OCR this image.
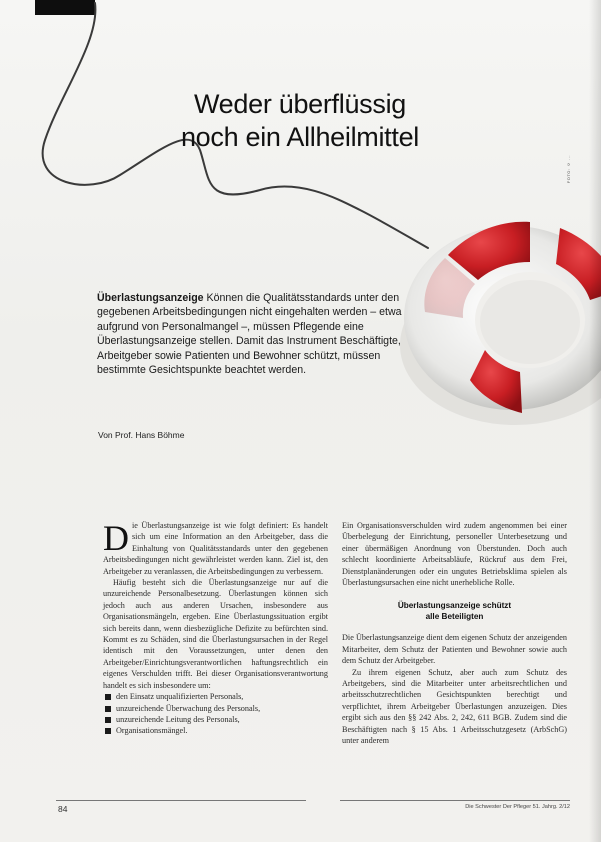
Weder überflüssig
noch ein Allheilmittel
FOTO: © ...

Überlastungsanzeige Können die Qualitätsstandards unter den gegebenen Arbeitsbedingungen nicht eingehalten werden – etwa aufgrund von Personalmangel –, müssen Pflegende eine Überlastungsanzeige stellen. Damit das Instrument Beschäftigte, Arbeitgeber sowie Patienten und Bewohner schützt, müssen bestimmte Gesichtspunkte beachtet werden.

Von Prof. Hans Böhme

Die Überlastungsanzeige ist wie folgt definiert: Es handelt sich um eine Information an den Arbeitgeber, dass die Einhaltung von Qualitätsstandards unter den gegebenen Arbeitsbedingungen nicht gewährleistet werden kann. Ziel ist, den Arbeitgeber zu veranlassen, die Arbeitsbedingungen zu verbessern.

Häufig besteht sich die Überlastungsanzeige nur auf die unzureichende Personalbesetzung. Überlastungen können sich jedoch auch aus anderen Ursachen, insbesondere aus Organisationsmängeln, ergeben. Eine Überlastungssituation ergibt sich bereits dann, wenn diesbezügliche Defizite zu befürchten sind. Kommt es zu Schäden, sind die Überlastungsursachen in der Regel identisch mit den Voraussetzungen, unter denen den Arbeitgeber/Einrichtungsverantwortlichen haftungsrechtlich ein eigenes Verschulden trifft. Bei dieser Organisationsverantwortung handelt es sich insbesondere um:

den Einsatz unqualifizierten Personals,
unzureichende Überwachung des Personals,
unzureichende Leitung des Personals,
Organisationsmängel.

Ein Organisationsverschulden wird zudem angenommen bei einer Überbelegung der Einrichtung, personeller Unterbesetzung und einer übermäßigen Anordnung von Überstunden. Doch auch schlecht koordinierte Arbeitsabläufe, Rückruf aus dem Frei, Dienstplanänderungen oder ein ungutes Betriebsklima spielen als Überlastungsursachen eine nicht unerhebliche Rolle.

Überlastungsanzeige schützt
alle Beteiligten

Die Überlastungsanzeige dient dem eigenen Schutz der anzeigenden Mitarbeiter, dem Schutz der Patienten und Bewohner sowie auch dem Schutz der Arbeitgeber.

Zu ihrem eigenen Schutz, aber auch zum Schutz des Arbeitgebers, sind die Mitarbeiter unter arbeitsrechtlichen und arbeitsschutzrechtlichen Gesichtspunkten berechtigt und verpflichtet, ihrem Arbeitgeber Überlastungen anzuzeigen. Dies ergibt sich aus den §§ 242 Abs. 2, 242, 611 BGB. Zudem sind die Beschäftigten nach § 15 Abs. 1 Arbeitsschutzgesetz (ArbSchG) unter anderem

84	Die Schwester Der Pfleger 51. Jahrg. 2/12
